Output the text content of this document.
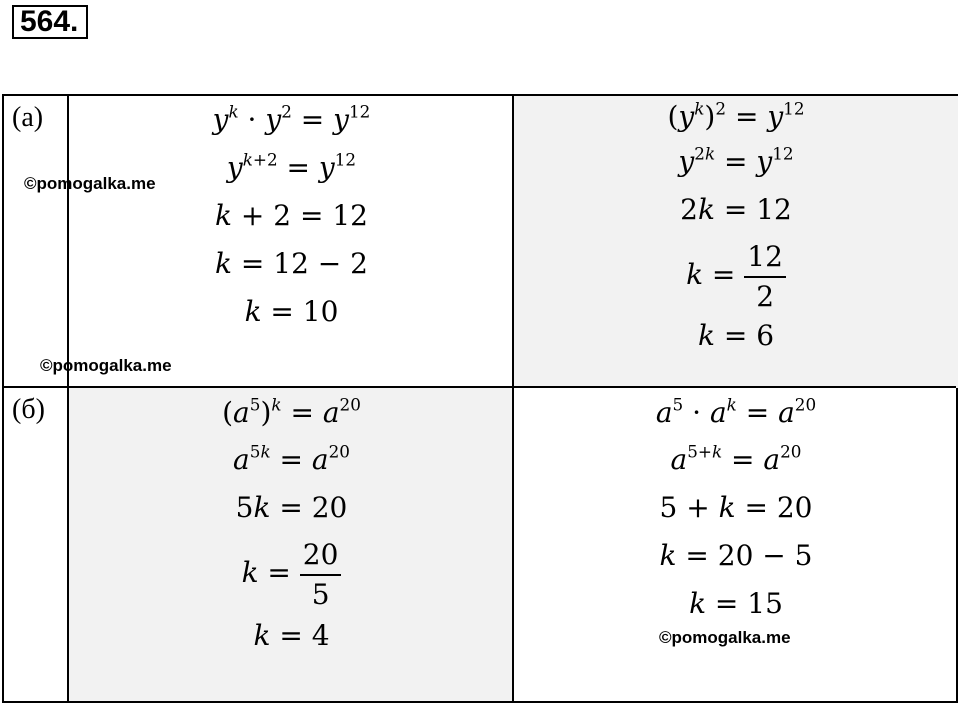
564.
(а)
(б)
$y^k \cdot y^2 = y^{12}$
$y^{k+2} = y^{12}$
k + 2 = 12
k = 12 − 2
k = 10
$(y^k)^2 = y^{12}$
$y^{2k} = y^{12}$
2k = 12
$k = \frac{12}{2}$
k = 6
$(a^5)^k = a^{20}$
$a^{5k} = a^{20}$
5k = 20
$k = \frac{20}{5}$
k = 4
$a^5 \cdot a^k = a^{20}$
$a^{5+k} = a^{20}$
5 + k = 20
k = 20 − 5
k = 15
©pomogalka.me
©pomogalka.me
©pomogalka.me
